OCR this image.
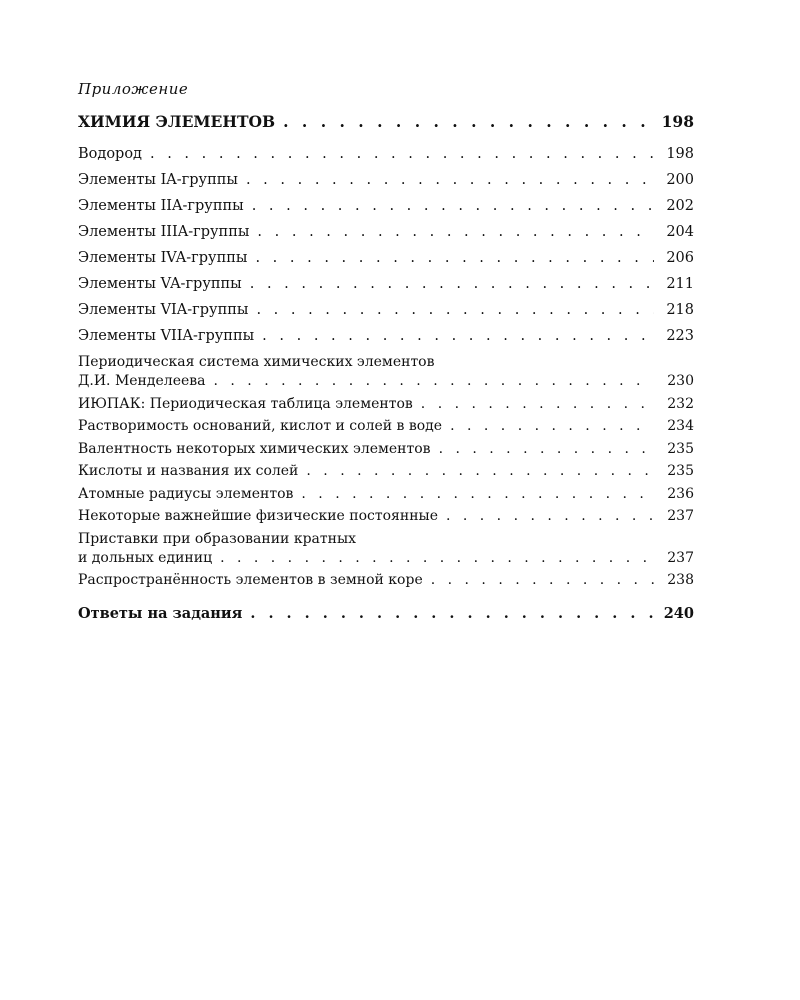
Приложение
ХИМИЯ ЭЛЕМЕНТОВ . . .	198
Водород . . .	198
Элементы IA-группы . . .	200
Элементы IIA-группы . . .	202
Элементы IIIA-группы . . .	204
Элементы IVA-группы . . .	206
Элементы VA-группы . . .	211
Элементы VIA-группы . . .	218
Элементы VIIA-группы . . .	223
Периодическая система химических элементов
Д.И. Менделеева . . .	230
ИЮПАК: Периодическая таблица элементов . . .	232
Растворимость оснований, кислот и солей в воде . . .	234
Валентность некоторых химических элементов . . .	235
Кислоты и названия их солей . . .	235
Атомные радиусы элементов . . .	236
Некоторые важнейшие физические постоянные . . .	237
Приставки при образовании кратных
и дольных единиц . . .	237
Распространённость элементов в земной коре . . .	238
Ответы на задания . . .	240
